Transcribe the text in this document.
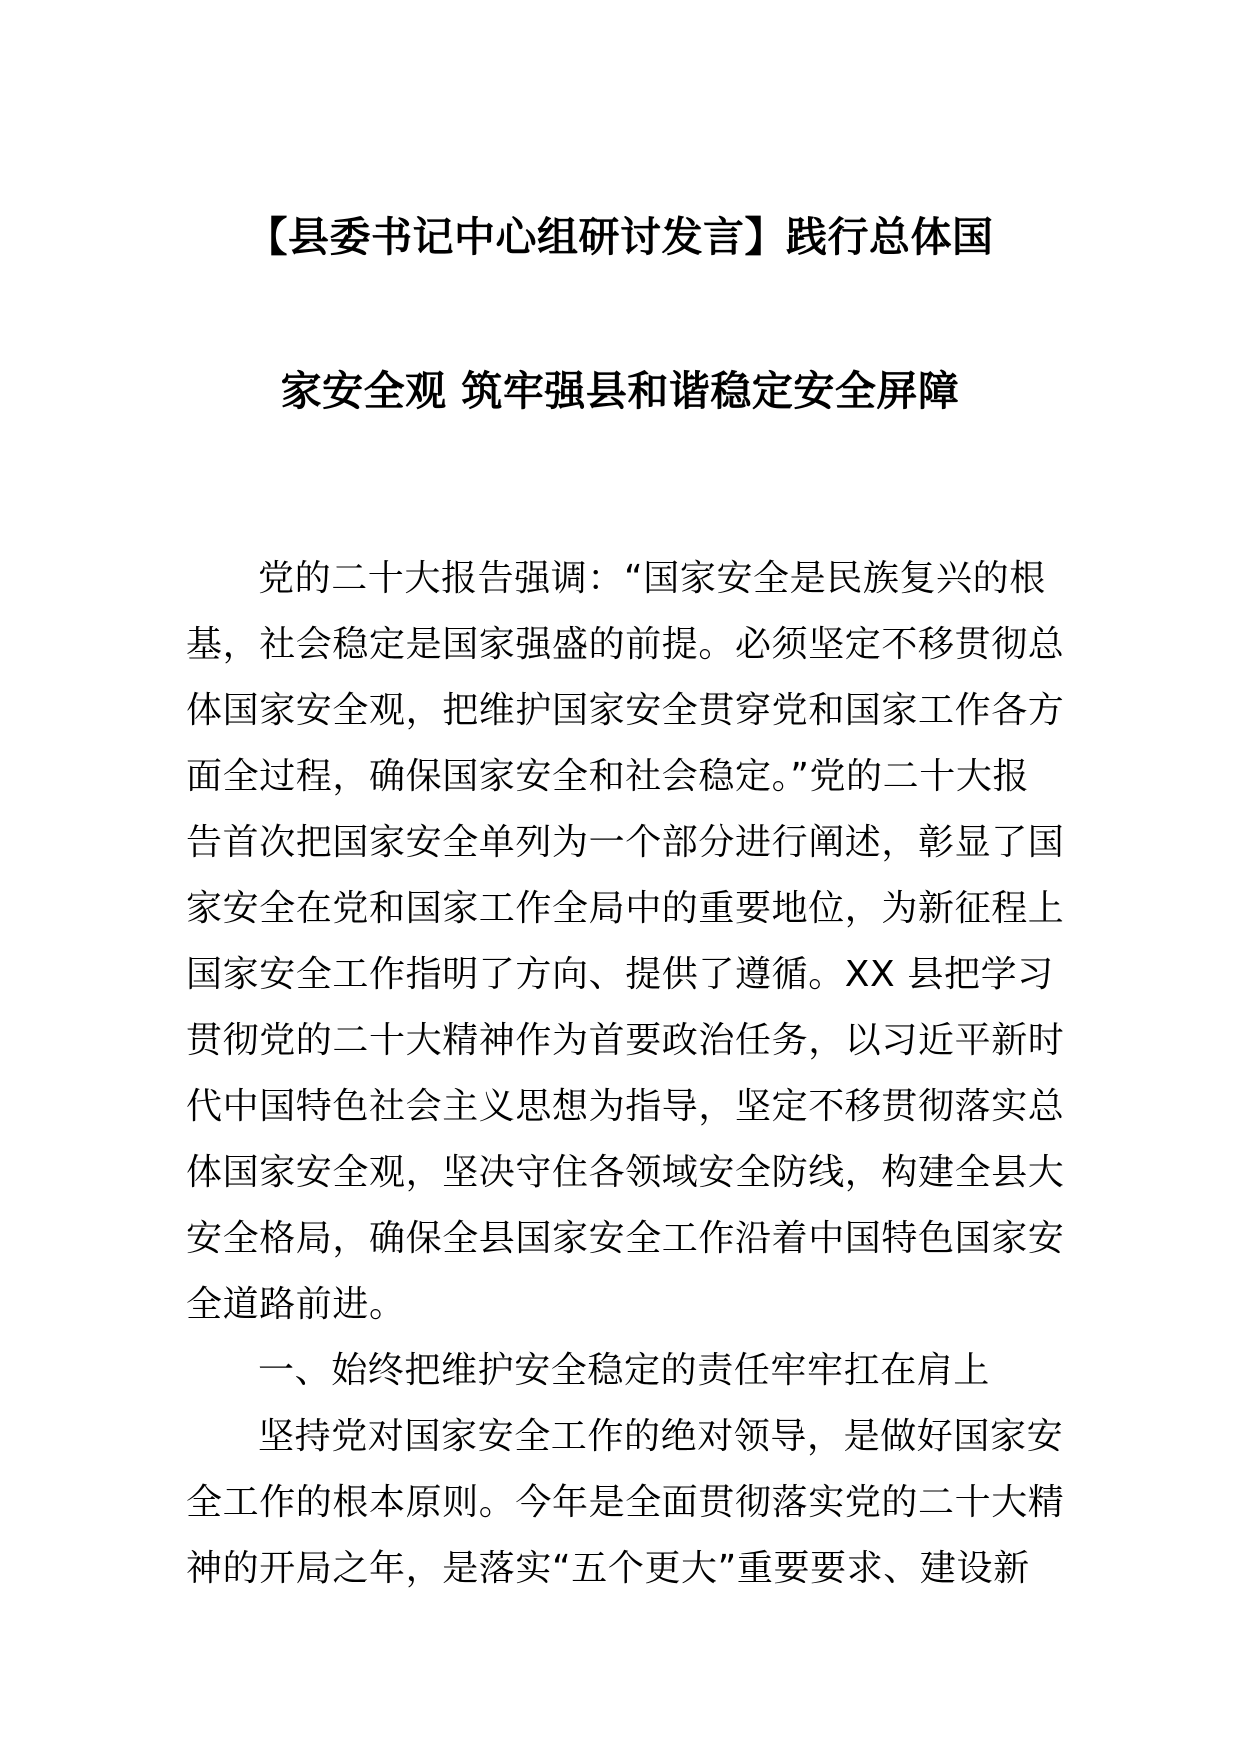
【县委书记中心组研讨发言】践行总体国
家安全观 筑牢强县和谐稳定安全屏障
党的二十大报告强调：“国家安全是民族复兴的根
基，社会稳定是国家强盛的前提。必须坚定不移贯彻总
体国家安全观，把维护国家安全贯穿党和国家工作各方
面全过程，确保国家安全和社会稳定。”党的二十大报
告首次把国家安全单列为一个部分进行阐述，彰显了国
家安全在党和国家工作全局中的重要地位，为新征程上
国家安全工作指明了方向、提供了遵循。XX 县把学习
贯彻党的二十大精神作为首要政治任务，以习近平新时
代中国特色社会主义思想为指导，坚定不移贯彻落实总
体国家安全观，坚决守住各领域安全防线，构建全县大
安全格局，确保全县国家安全工作沿着中国特色国家安
全道路前进。
一、始终把维护安全稳定的责任牢牢扛在肩上
坚持党对国家安全工作的绝对领导，是做好国家安
全工作的根本原则。今年是全面贯彻落实党的二十大精
神的开局之年，是落实“五个更大”重要要求、建设新
